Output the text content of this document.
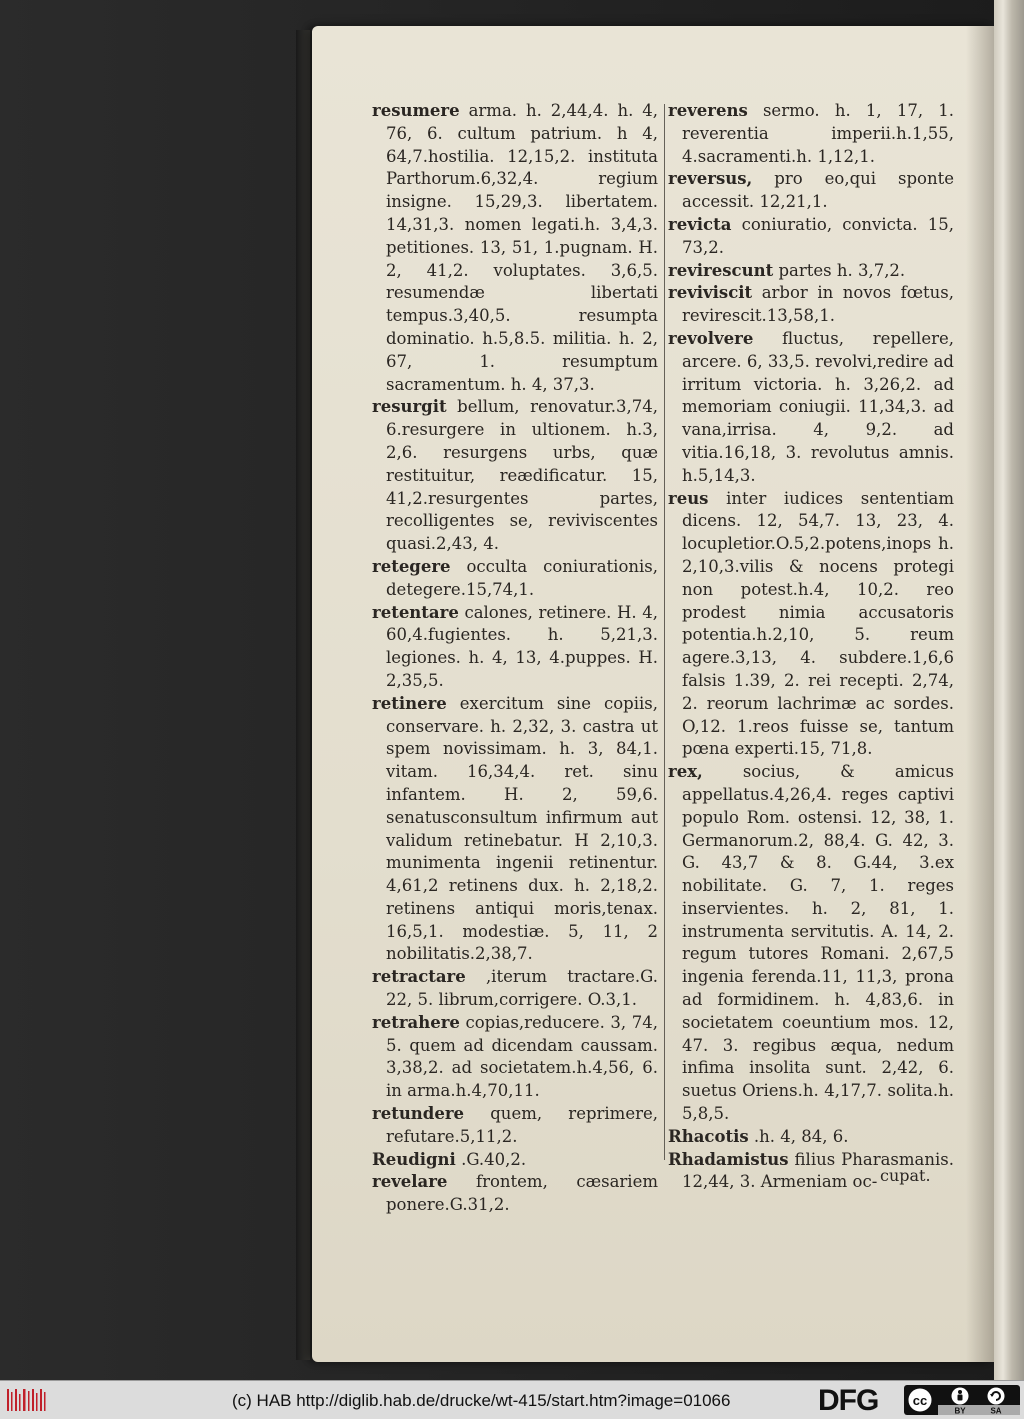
resumere arma. h. 2,44,4. h. 4, 76, 6. cultum patrium. h 4, 64,7.hostilia. 12,15,2. instituta Parthorum.6,32,4. regium insigne. 15,29,3. libertatem. 14,31,3. nomen legati.h. 3,4,3. petitiones. 13, 51, 1.pugnam. H. 2, 41,2. voluptates. 3,6,5. resumendæ libertati tempus.3,40,5. resumpta dominatio. h.5,8.5. militia. h. 2, 67, 1. resumptum sacramentum. h. 4, 37,3.

resurgit bellum, renovatur.3,74, 6.resurgere in ultionem. h.3, 2,6. resurgens urbs, quæ restituitur, reædificatur. 15, 41,2.resurgentes partes, recolligentes se, reviviscentes quasi.2,43, 4.

retegere occulta coniurationis, detegere.15,74,1.

retentare calones, retinere. H. 4, 60,4.fugientes. h. 5,21,3. legiones. h. 4, 13, 4.puppes. H. 2,35,5.

retinere exercitum sine copiis, conservare. h. 2,32, 3. castra ut spem novissimam. h. 3, 84,1. vitam. 16,34,4. ret. sinu infantem. H. 2, 59,6. senatusconsultum infirmum aut validum retinebatur. H 2,10,3. munimenta ingenii retinentur. 4,61,2 retinens dux. h. 2,18,2. retinens antiqui moris,tenax. 16,5,1. modestiæ. 5, 11, 2 nobilitatis.2,38,7.

retractare ,iterum tractare.G. 22, 5. librum,corrigere. O.3,1.

retrahere copias,reducere. 3, 74, 5. quem ad dicendam caussam. 3,38,2. ad societatem.h.4,56, 6. in arma.h.4,70,11.

retundere quem, reprimere, refutare.5,11,2.

Reudigni .G.40,2.

revelare frontem, cæsariem ponere.G.31,2.

reverens sermo. h. 1, 17, 1. reverentia imperii.h.1,55, 4.sacramenti.h. 1,12,1.

reversus, pro eo,qui sponte accessit. 12,21,1.

revicta coniuratio, convicta. 15, 73,2.

revirescunt partes h. 3,7,2.

reviviscit arbor in novos fœtus, revirescit.13,58,1.

revolvere fluctus, repellere, arcere. 6, 33,5. revolvi,redire ad irritum victoria. h. 3,26,2. ad memoriam coniugii. 11,34,3. ad vana,irrisa. 4, 9,2. ad vitia.16,18, 3. revolutus amnis. h.5,14,3.

reus inter iudices sententiam dicens. 12, 54,7. 13, 23, 4. locupletior.O.5,2.potens,inops h. 2,10,3.vilis & nocens protegi non potest.h.4, 10,2. reo prodest nimia accusatoris potentia.h.2,10, 5. reum agere.3,13, 4. subdere.1,6,6 falsis 1.39, 2. rei recepti. 2,74, 2. reorum lachrimæ ac sordes. O,12. 1.reos fuisse se, tantum pœna experti.15, 71,8.

rex, socius, & amicus appellatus.4,26,4. reges captivi populo Rom. ostensi. 12, 38, 1. Germanorum.2, 88,4. G. 42, 3. G. 43,7 & 8. G.44, 3.ex nobilitate. G. 7, 1. reges inservientes. h. 2, 81, 1. instrumenta servitutis. A. 14, 2. regum tutores Romani. 2,67,5 ingenia ferenda.11, 11,3, prona ad formidinem. h. 4,83,6. in societatem coeuntium mos. 12, 47. 3. regibus æqua, nedum infima insolita sunt. 2,42, 6. suetus Oriens.h. 4,17,7. solita.h. 5,8,5.

Rhacotis .h. 4, 84, 6.

Rhadamistus filius Pharasmanis. 12,44, 3. Armeniam oc- cupat.
(c) HAB http://diglib.hab.de/drucke/wt-415/start.htm?image=01066	DFG	cc
BY	SA
